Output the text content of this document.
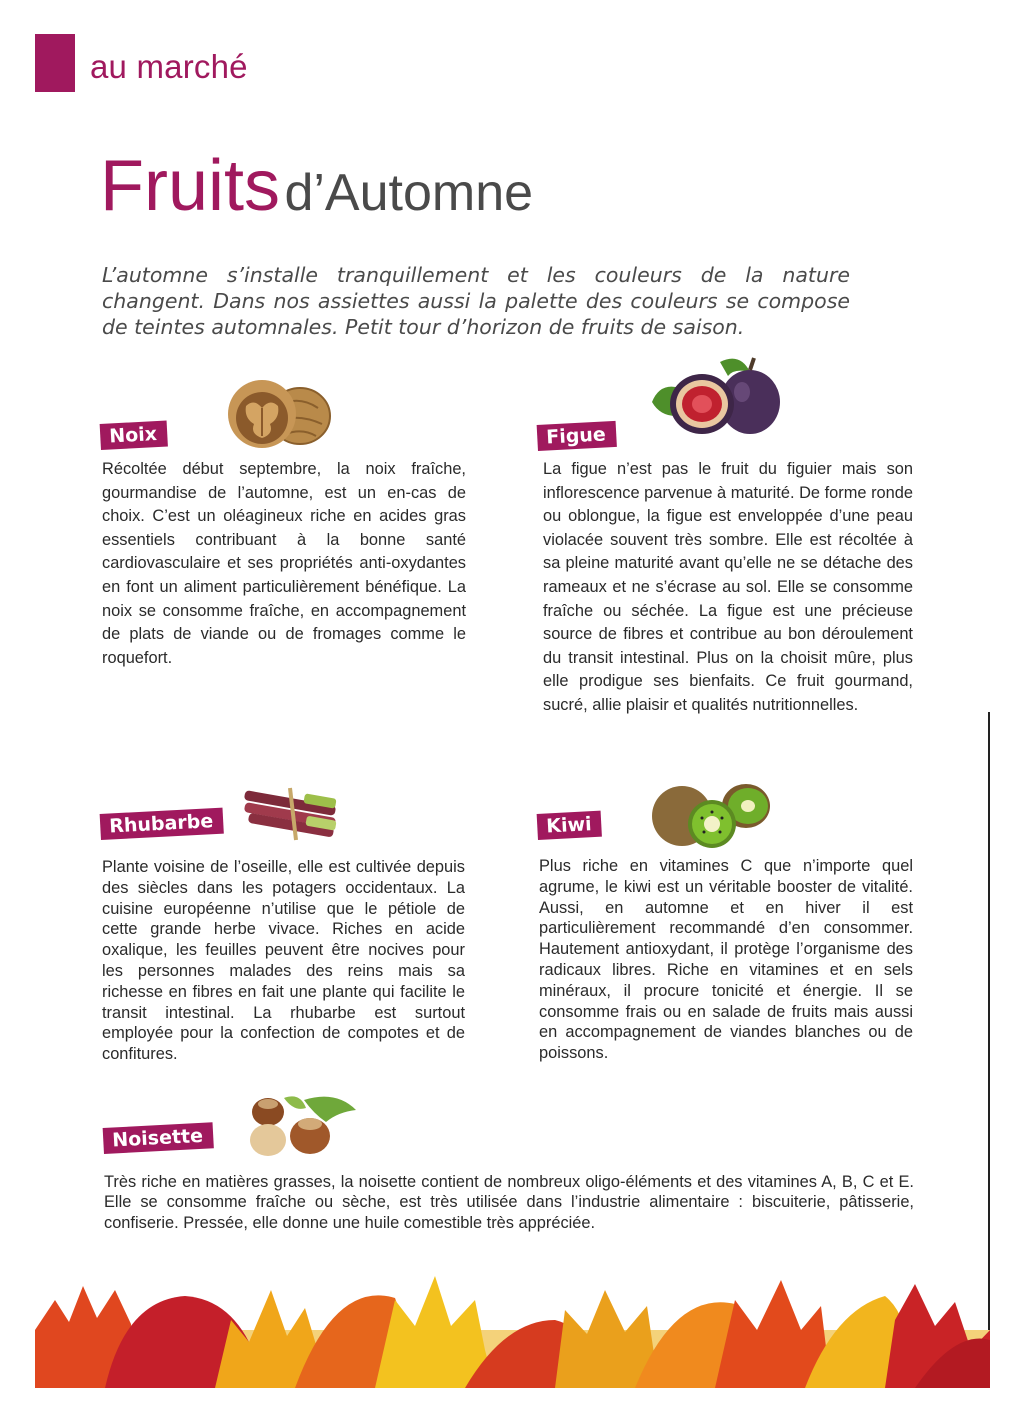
au marché
Fruits d’Automne
L’automne s’installe tranquillement et les couleurs de la nature changent. Dans nos assiettes aussi la palette des couleurs se compose de teintes automnales. Petit tour d’horizon de fruits de saison.
Noix
Récoltée début septembre, la noix fraîche, gourmandise de l’automne, est un en-cas de choix. C’est un oléagineux riche en acides gras essentiels contribuant à la bonne santé cardiovasculaire et ses propriétés anti-oxydantes en font un aliment particulièrement bénéfique. La noix se consomme fraîche, en accompagnement de plats de viande ou de fromages comme le roquefort.
Figue
La figue n’est pas le fruit du figuier mais son inflorescence parvenue à maturité. De forme ronde ou oblongue, la figue est enveloppée d’une peau violacée souvent très sombre. Elle est récoltée à sa pleine maturité avant qu’elle ne se détache des rameaux et ne s’écrase au sol. Elle se consomme fraîche ou séchée. La figue est une précieuse source de fibres et contribue au bon déroulement du transit intestinal. Plus on la choisit mûre, plus elle prodigue ses bienfaits. Ce fruit gourmand, sucré, allie plaisir et qualités nutritionnelles.
Rhubarbe
Plante voisine de l’oseille, elle est cultivée depuis des siècles dans les potagers occidentaux. La cuisine européenne n’utilise que le pétiole de cette grande herbe vivace. Riches en acide oxalique, les feuilles peuvent être nocives pour les personnes malades des reins mais sa richesse en fibres en fait une plante qui facilite le transit intestinal. La rhubarbe est surtout employée pour la confection de compotes et de confitures.
Kiwi
Plus riche en vitamines C que n’importe quel agrume, le kiwi est un véritable booster de vitalité. Aussi, en automne et en hiver il est particulièrement recommandé d’en consommer. Hautement antioxydant, il protège l’organisme des radicaux libres. Riche en vitamines et en sels minéraux, il procure tonicité et énergie. Il se consomme frais ou en salade de fruits mais aussi en accompagnement de viandes blanches ou de poissons.
Noisette
Très riche en matières grasses, la noisette contient de nombreux oligo-éléments et des vitamines A, B, C et E. Elle se consomme fraîche ou sèche, est très utilisée dans l’industrie alimentaire : biscuiterie, pâtisserie, confiserie. Pressée, elle donne une huile comestible très appréciée.
